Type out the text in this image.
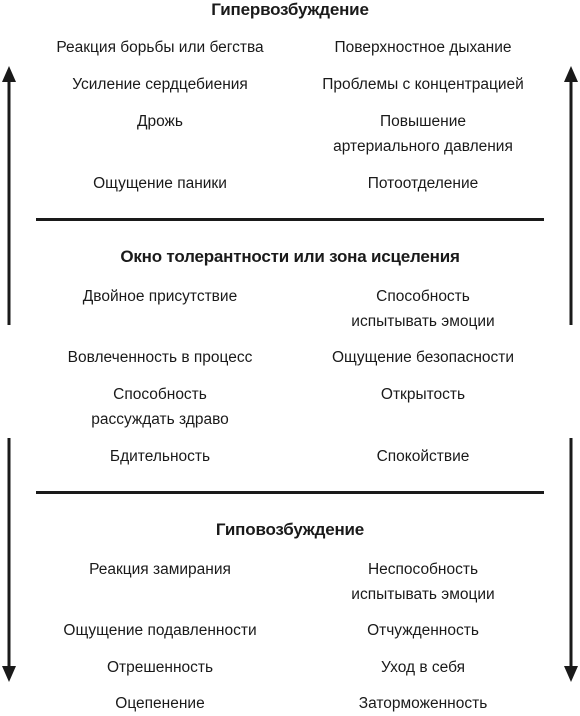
Гипервозбуждение
Реакция борьбы или бегства
Усиление сердцебиения
Дрожь
Ощущение паники
Поверхностное дыхание
Проблемы с концентрацией
Повышение
артериального давления
Потоотделение
Окно толерантности или зона исцеления
Двойное присутствие
Вовлеченность в процесс
Способность
рассуждать здраво
Бдительность
Способность
испытывать эмоции
Ощущение безопасности
Открытость
Спокойствие
Гиповозбуждение
Реакция замирания
Ощущение подавленности
Отрешенность
Оцепенение
Неспособность
испытывать эмоции
Отчужденность
Уход в себя
Заторможенность
